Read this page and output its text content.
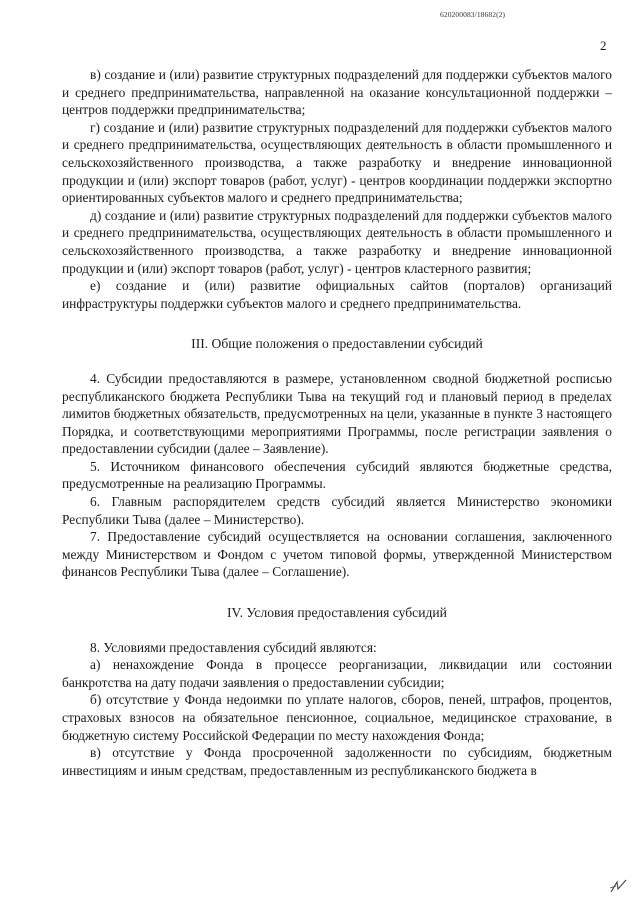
620200083/18682(2)
2

в) создание и (или) развитие структурных подразделений для поддержки субъектов малого и среднего предпринимательства, направленной на оказание консультационной поддержки – центров поддержки предпринимательства;

г) создание и (или) развитие структурных подразделений для поддержки субъектов малого и среднего предпринимательства, осуществляющих деятельность в области промышленного и сельскохозяйственного производства, а также разработку и внедрение инновационной продукции и (или) экспорт товаров (работ, услуг) - центров координации поддержки экспортно ориентированных субъектов малого и среднего предпринимательства;

д) создание и (или) развитие структурных подразделений для поддержки субъектов малого и среднего предпринимательства, осуществляющих деятельность в области промышленного и сельскохозяйственного производства, а также разработку и внедрение инновационной продукции и (или) экспорт товаров (работ, услуг) - центров кластерного развития;

е) создание и (или) развитие официальных сайтов (порталов) организаций инфраструктуры поддержки субъектов малого и среднего предпринимательства.

III. Общие положения о предоставлении субсидий

4. Субсидии предоставляются в размере, установленном сводной бюджетной росписью республиканского бюджета Республики Тыва на текущий год и плановый период в пределах лимитов бюджетных обязательств, предусмотренных на цели, указанные в пункте 3 настоящего Порядка, и соответствующими мероприятиями Программы, после регистрации заявления о предоставлении субсидии (далее – Заявление).

5. Источником финансового обеспечения субсидий являются бюджетные средства, предусмотренные на реализацию Программы.

6. Главным распорядителем средств субсидий является Министерство экономики Республики Тыва (далее – Министерство).

7. Предоставление субсидий осуществляется на основании соглашения, заключенного между Министерством и Фондом с учетом типовой формы, утвержденной Министерством финансов Республики Тыва (далее – Соглашение).

IV. Условия предоставления субсидий

8. Условиями предоставления субсидий являются:

а) ненахождение Фонда в процессе реорганизации, ликвидации или состоянии банкротства на дату подачи заявления о предоставлении субсидии;

б) отсутствие у Фонда недоимки по уплате налогов, сборов, пеней, штрафов, процентов, страховых взносов на обязательное пенсионное, социальное, медицинское страхование, в бюджетную систему Российской Федерации по месту нахождения Фонда;

в) отсутствие у Фонда просроченной задолженности по субсидиям, бюджетным инвестициям и иным средствам, предоставленным из республиканского бюджета в
